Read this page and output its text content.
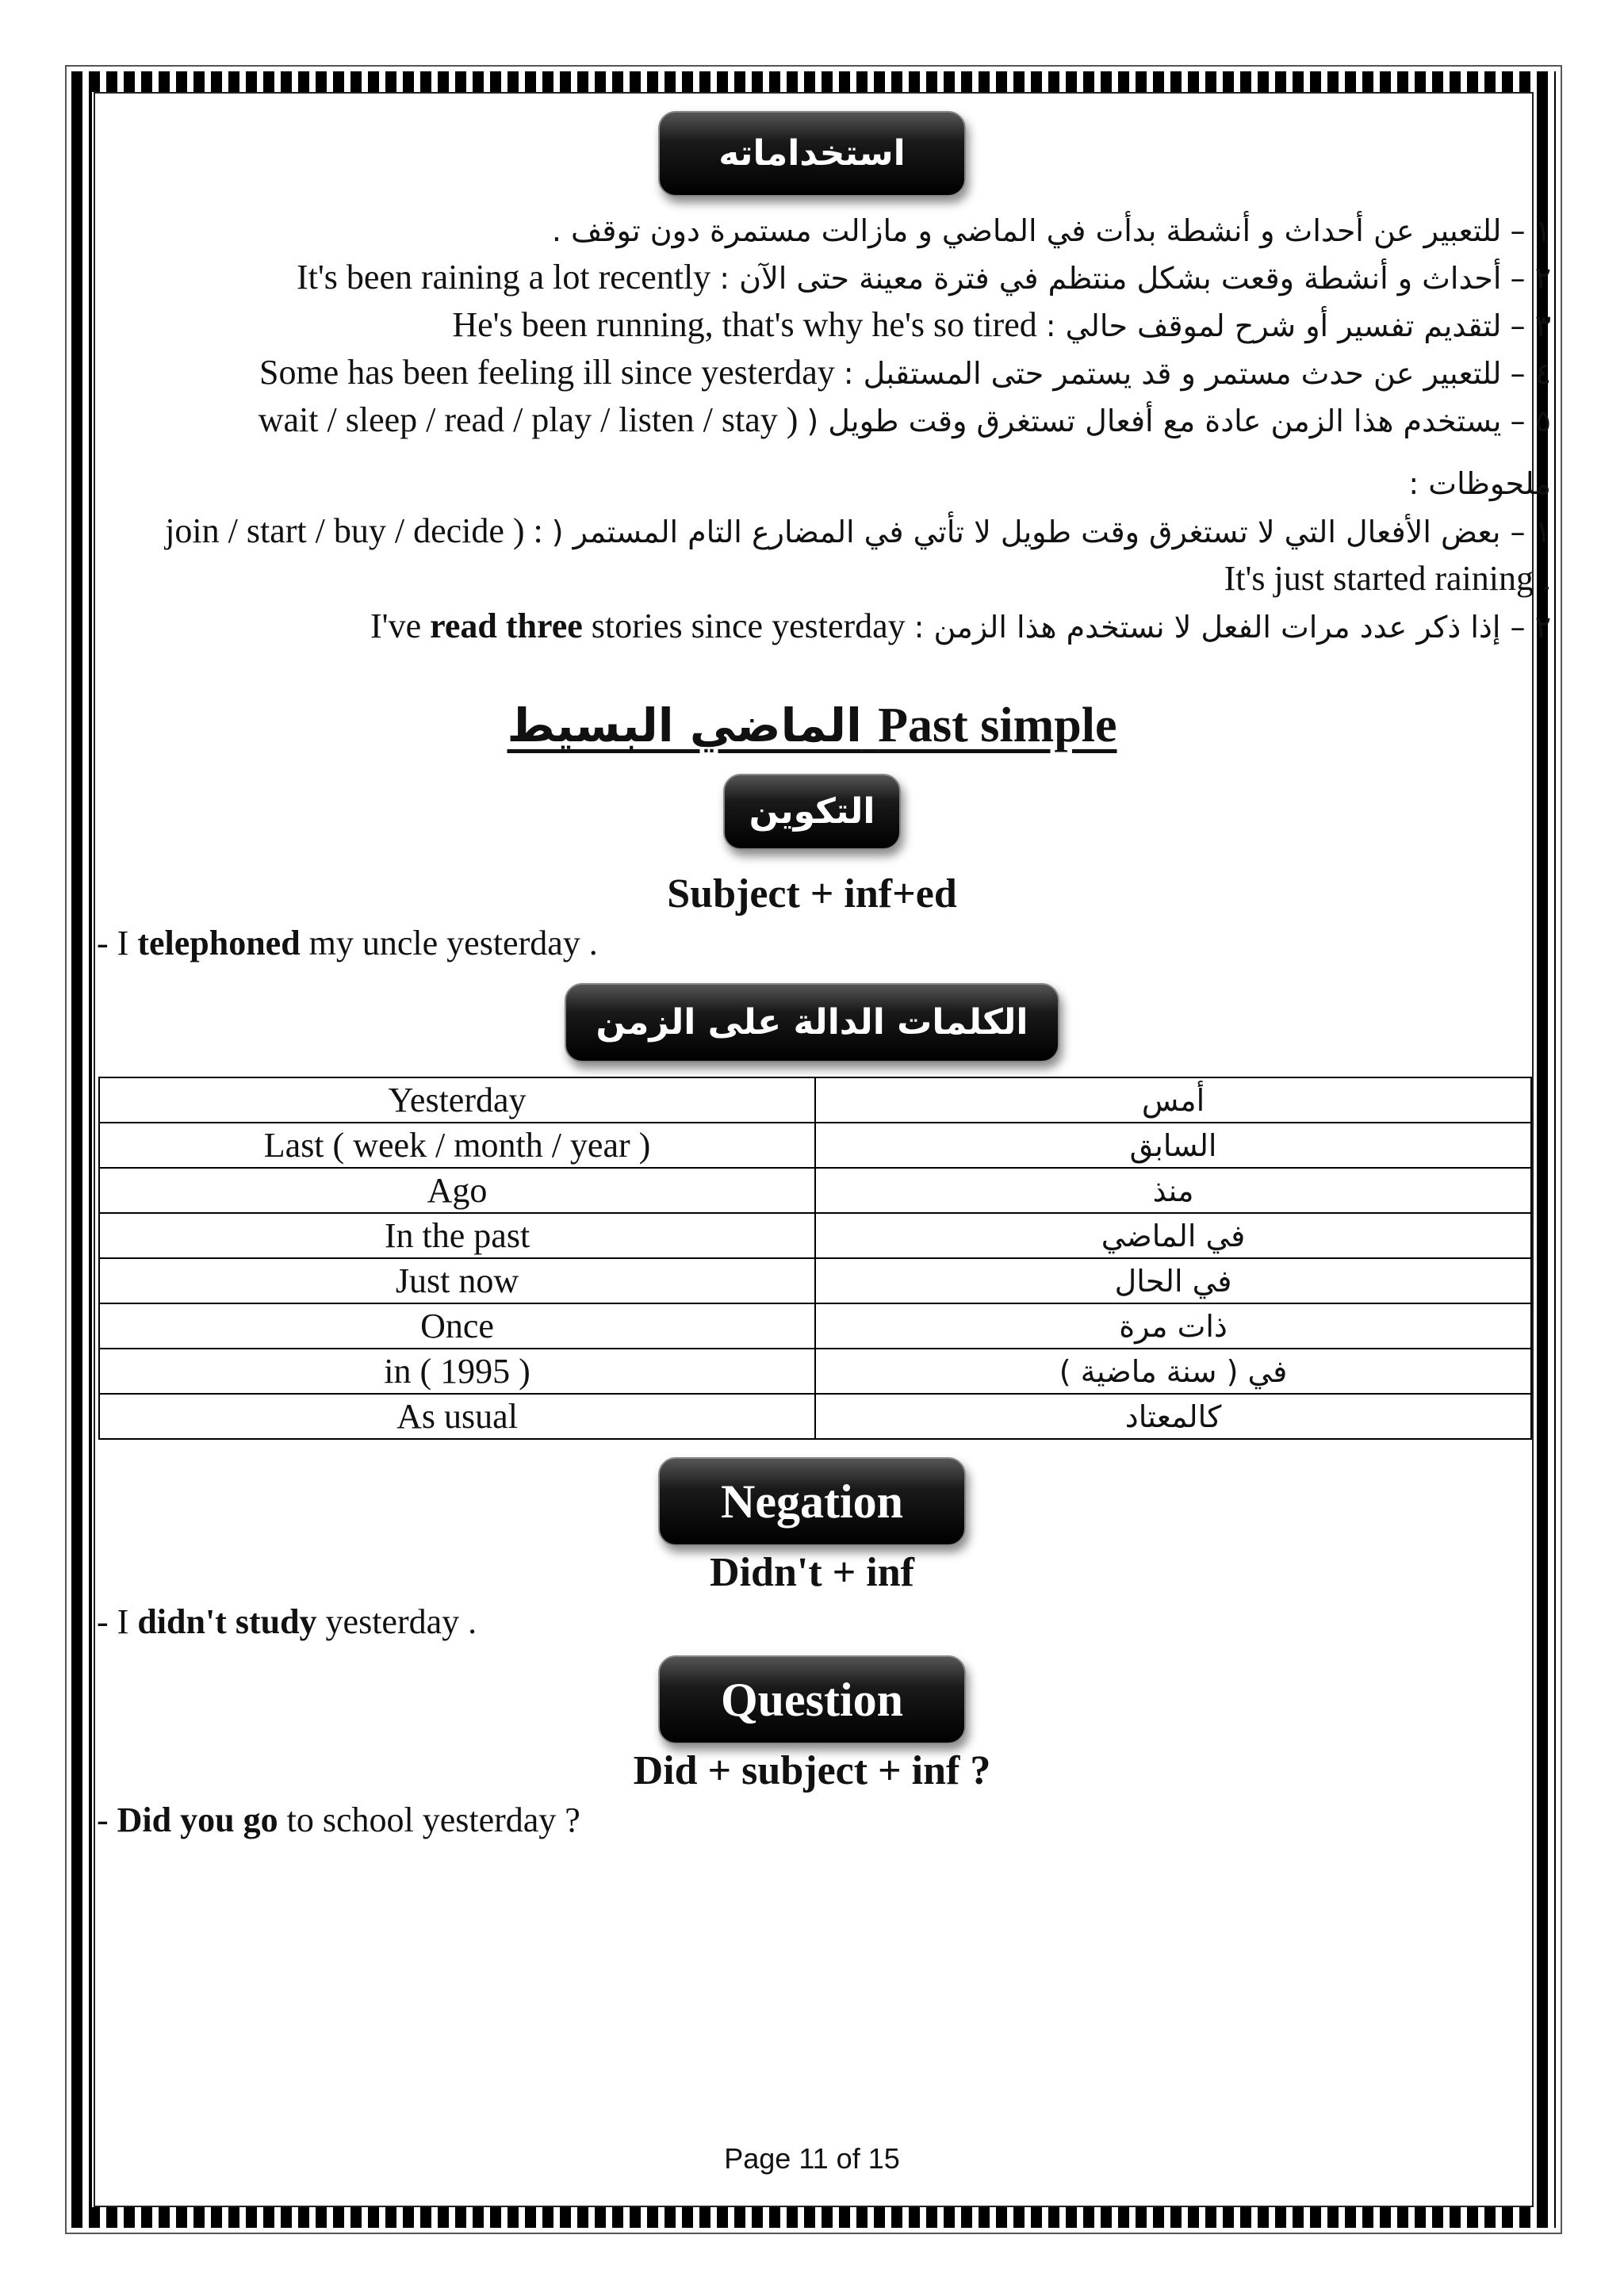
استخداماته
١ – للتعبير عن أحداث و أنشطة بدأت في الماضي و مازالت مستمرة دون توقف .
٢ – أحداث و أنشطة وقعت بشكل منتظم في فترة معينة حتى الآن : It's been raining a lot recently
٣ – لتقديم تفسير أو شرح لموقف حالي : He's been running, that's why he's so tired
٤ – للتعبير عن حدث مستمر و قد يستمر حتى المستقبل : Some has been feeling ill since yesterday
٥ – يستخدم هذا الزمن عادة مع أفعال تستغرق وقت طويل ( wait / sleep / read / play / listen / stay )
ملحوظات :
١ – بعض الأفعال التي لا تستغرق وقت طويل لا تأتي في المضارع التام المستمر ( join / start / buy / decide ) :
. It's just started raining
٢ – إذا ذكر عدد مرات الفعل لا نستخدم هذا الزمن : I've read three stories since yesterday
الماضي البسيط Past simple
التكوين
Subject + inf+ed
- I telephoned my uncle yesterday .
الكلمات الدالة على الزمن
Yesterday	أمس
Last ( week / month / year )	السابق
Ago	منذ
In the past	في الماضي
Just now	في الحال
Once	ذات مرة
in ( 1995 )	في ( سنة ماضية )
As usual	كالمعتاد
Negation
Didn't + inf
- I didn't study yesterday .
Question
Did + subject + inf ?
- Did you go to school yesterday ?
Page 11 of 15
